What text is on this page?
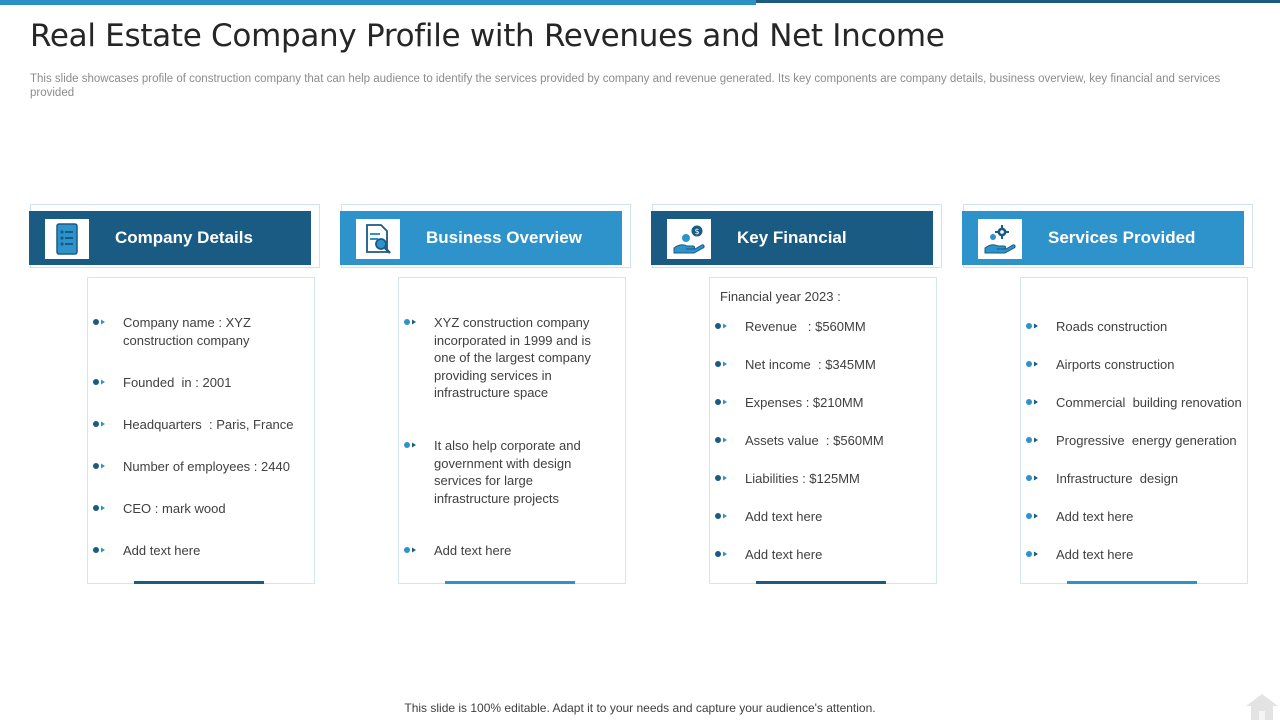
Real Estate Company Profile with Revenues and Net Income

This slide showcases profile of construction company that can help audience to identify the services provided by company and revenue generated. Its key components are company details, business overview, key financial and services provided

Company Details
Company name : XYZ construction company
Founded  in : 2001
Headquarters  : Paris, France
Number of employees : 2440
CEO : mark wood
Add text here
Business Overview
XYZ construction company incorporated in 1999 and is one of the largest company providing services in infrastructure space
It also help corporate and government with design services for large infrastructure projects
Add text here
$ Key Financial
Financial year 2023 :
Revenue   : $560MM
Net income  : $345MM
Expenses : $210MM
Assets value  : $560MM
Liabilities : $125MM
Add text here
Add text here
Services Provided
Roads construction
Airports construction
Commercial  building renovation
Progressive  energy generation
Infrastructure  design
Add text here
Add text here
This slide is 100% editable. Adapt it to your needs and capture your audience's attention.
